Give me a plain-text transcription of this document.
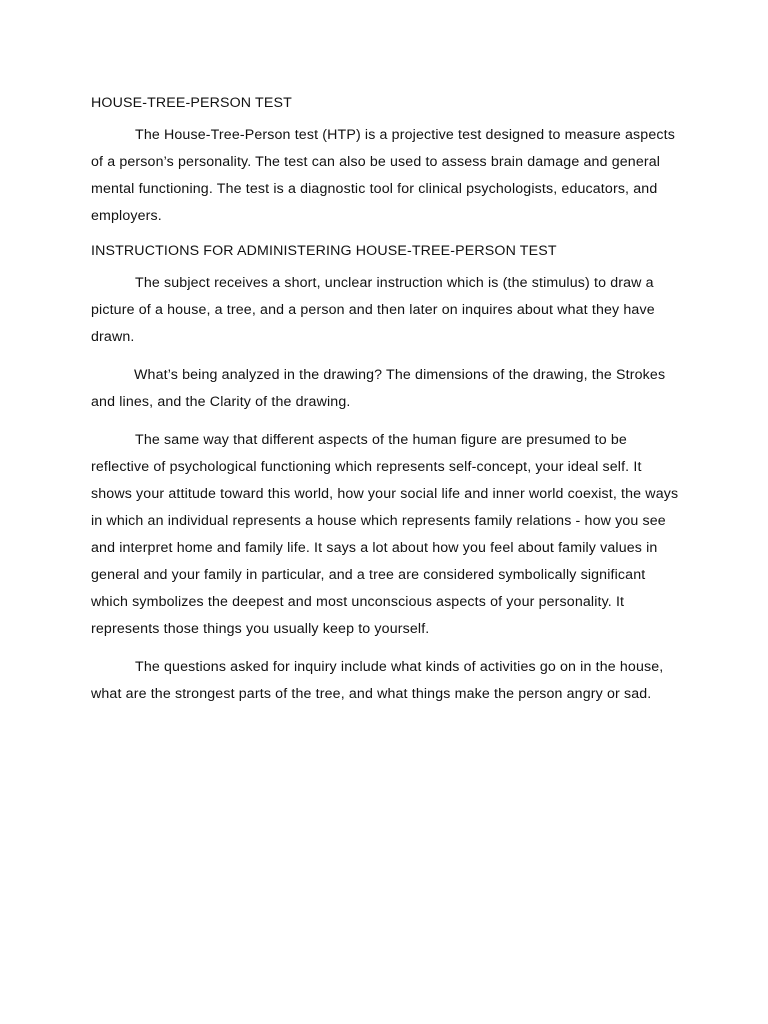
HOUSE-TREE-PERSON TEST

The House-Tree-Person test (HTP) is a projective test designed to measure aspects of a person’s personality. The test can also be used to assess brain damage and general mental functioning. The test is a diagnostic tool for clinical psychologists, educators, and employers.

INSTRUCTIONS FOR ADMINISTERING HOUSE-TREE-PERSON TEST

The subject receives a short, unclear instruction which is (the stimulus) to draw a picture of a house, a tree, and a person and then later on inquires about what they have drawn.

What’s being analyzed in the drawing? The dimensions of the drawing, the Strokes and lines, and the Clarity of the drawing.

The same way that different aspects of the human figure are presumed to be reflective of psychological functioning which represents self-concept, your ideal self. It shows your attitude toward this world, how your social life and inner world coexist, the ways in which an individual represents a house which represents family relations - how you see and interpret home and family life. It says a lot about how you feel about family values in general and your family in particular, and a tree are considered symbolically significant which symbolizes the deepest and most unconscious aspects of your personality. It represents those things you usually keep to yourself.

The questions asked for inquiry include what kinds of activities go on in the house, what are the strongest parts of the tree, and what things make the person angry or sad.
